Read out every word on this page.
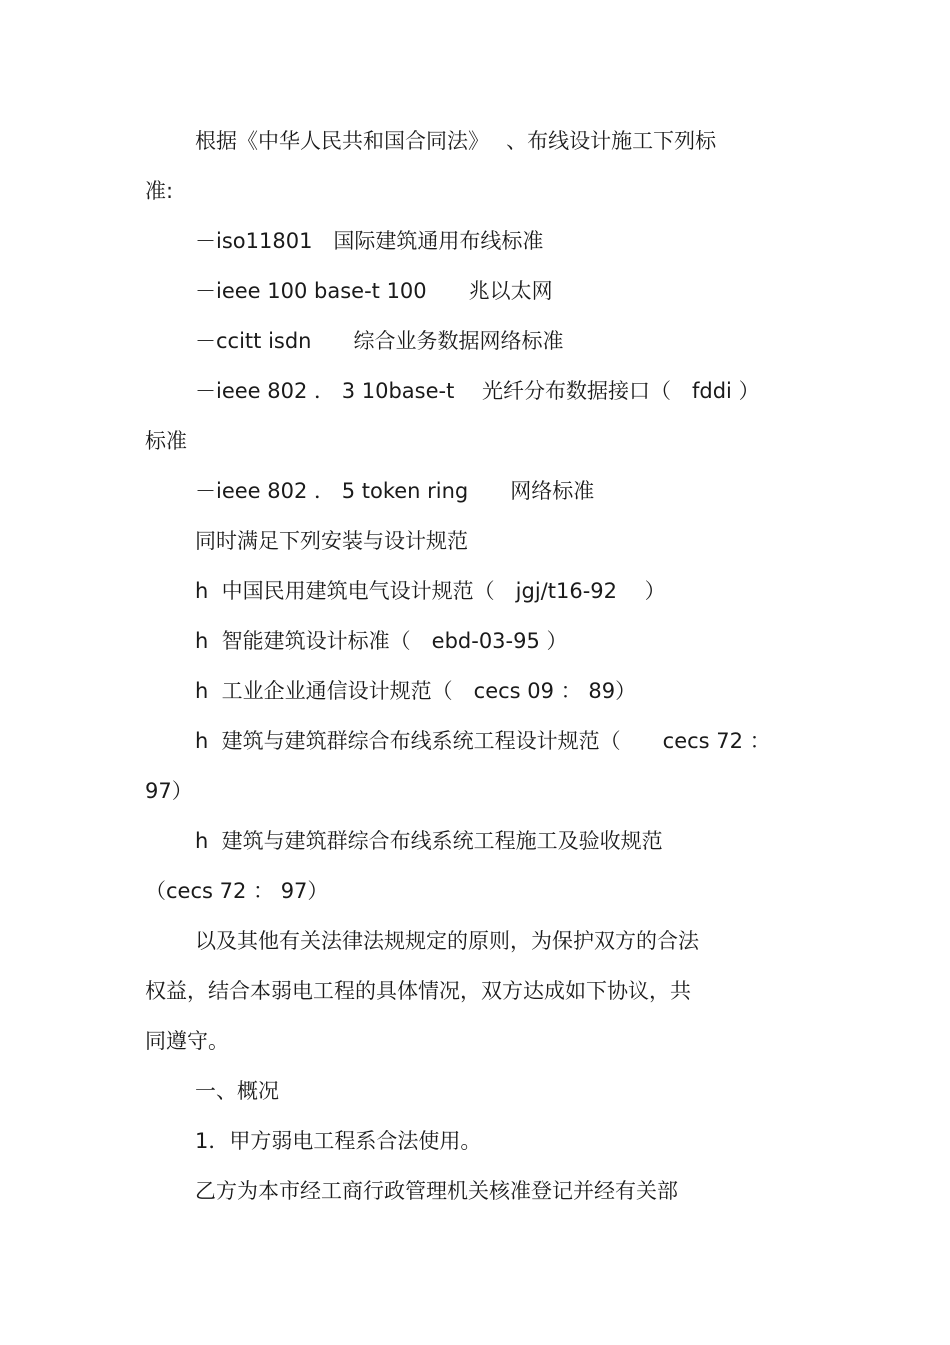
根据《中华人民共和国合同法》　 、布线设计施工下列标
准:
－iso11801　国际建筑通用布线标准
－ieee 100 base-t 100　　兆以太网
－ccitt isdn　　综合业务数据网络标准
－ieee 802 ． 3 10base-t　 光纤分布数据接口（　fddi ）
标准
－ieee 802 ． 5 token ring　　网络标准
同时满足下列安装与设计规范
h  中国民用建筑电气设计规范（　jgj/t16-92　 ）
h  智能建筑设计标准（　ebd-03-95 ）
h  工业企业通信设计规范（　cecs 09 ： 89）
h  建筑与建筑群综合布线系统工程设计规范（　　cecs 72 ：
97）
h  建筑与建筑群综合布线系统工程施工及验收规范
（cecs 72 ： 97）
以及其他有关法律法规规定的原则，为保护双方的合法
权益，结合本弱电工程的具体情况，双方达成如下协议，共
同遵守。
一、概况
1．甲方弱电工程系合法使用。
乙方为本市经工商行政管理机关核准登记并经有关部
